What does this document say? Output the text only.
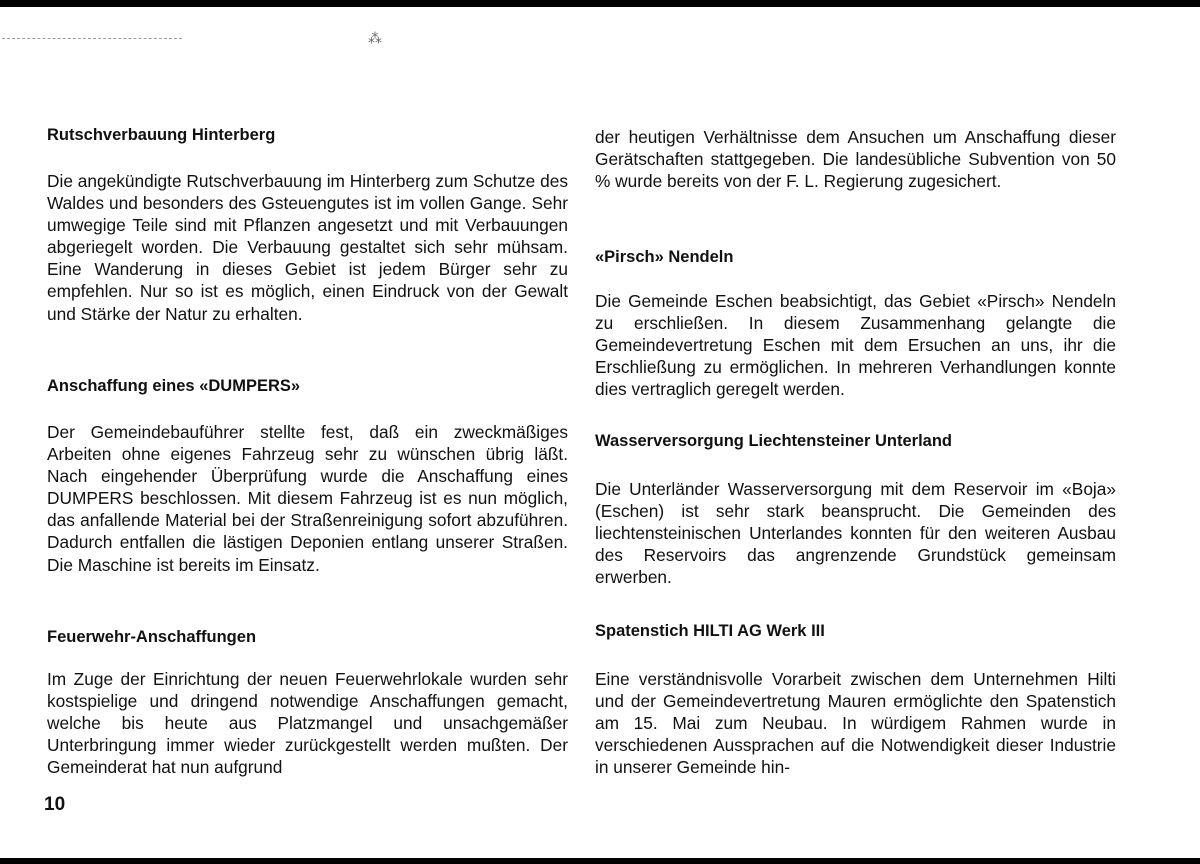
⁂
Rutschverbauung Hinterberg

Die angekündigte Rutschverbauung im Hinterberg zum Schutze des Waldes und besonders des Gsteuengutes ist im vollen Gange. Sehr umwegige Teile sind mit Pflanzen angesetzt und mit Verbauungen abgeriegelt worden. Die Verbauung gestaltet sich sehr mühsam. Eine Wanderung in dieses Gebiet ist jedem Bürger sehr zu empfehlen. Nur so ist es möglich, einen Eindruck von der Gewalt und Stärke der Natur zu erhalten.

Anschaffung eines «DUMPERS»

Der Gemeindebauführer stellte fest, daß ein zweckmäßiges Arbeiten ohne eigenes Fahrzeug sehr zu wünschen übrig läßt. Nach eingehender Überprüfung wurde die Anschaffung eines DUMPERS beschlossen. Mit diesem Fahrzeug ist es nun möglich, das anfallende Material bei der Straßenreinigung sofort abzuführen. Dadurch entfallen die lästigen Deponien entlang unserer Straßen. Die Maschine ist bereits im Einsatz.

Feuerwehr-Anschaffungen

Im Zuge der Einrichtung der neuen Feuerwehrlokale wurden sehr kostspielige und dringend notwendige Anschaffungen gemacht, welche bis heute aus Platzmangel und unsachgemäßer Unterbringung immer wieder zurückgestellt werden mußten. Der Gemeinderat hat nun aufgrund

der heutigen Verhältnisse dem Ansuchen um Anschaffung dieser Gerätschaften stattgegeben. Die landesübliche Subvention von 50 % wurde bereits von der F. L. Regierung zugesichert.

«Pirsch» Nendeln

Die Gemeinde Eschen beabsichtigt, das Gebiet «Pirsch» Nendeln zu erschließen. In diesem Zusammenhang gelangte die Gemeindevertretung Eschen mit dem Ersuchen an uns, ihr die Erschließung zu ermöglichen. In mehreren Verhandlungen konnte dies vertraglich geregelt werden.

Wasserversorgung Liechtensteiner Unterland

Die Unterländer Wasserversorgung mit dem Reservoir im «Boja» (Eschen) ist sehr stark beansprucht. Die Gemeinden des liechtensteinischen Unterlandes konnten für den weiteren Ausbau des Reservoirs das angrenzende Grundstück gemeinsam erwerben.

Spatenstich HILTI AG Werk III

Eine verständnisvolle Vorarbeit zwischen dem Unternehmen Hilti und der Gemeindevertretung Mauren ermöglichte den Spatenstich am 15. Mai zum Neubau. In würdigem Rahmen wurde in verschiedenen Aussprachen auf die Notwendigkeit dieser Industrie in unserer Gemeinde hin-

10
